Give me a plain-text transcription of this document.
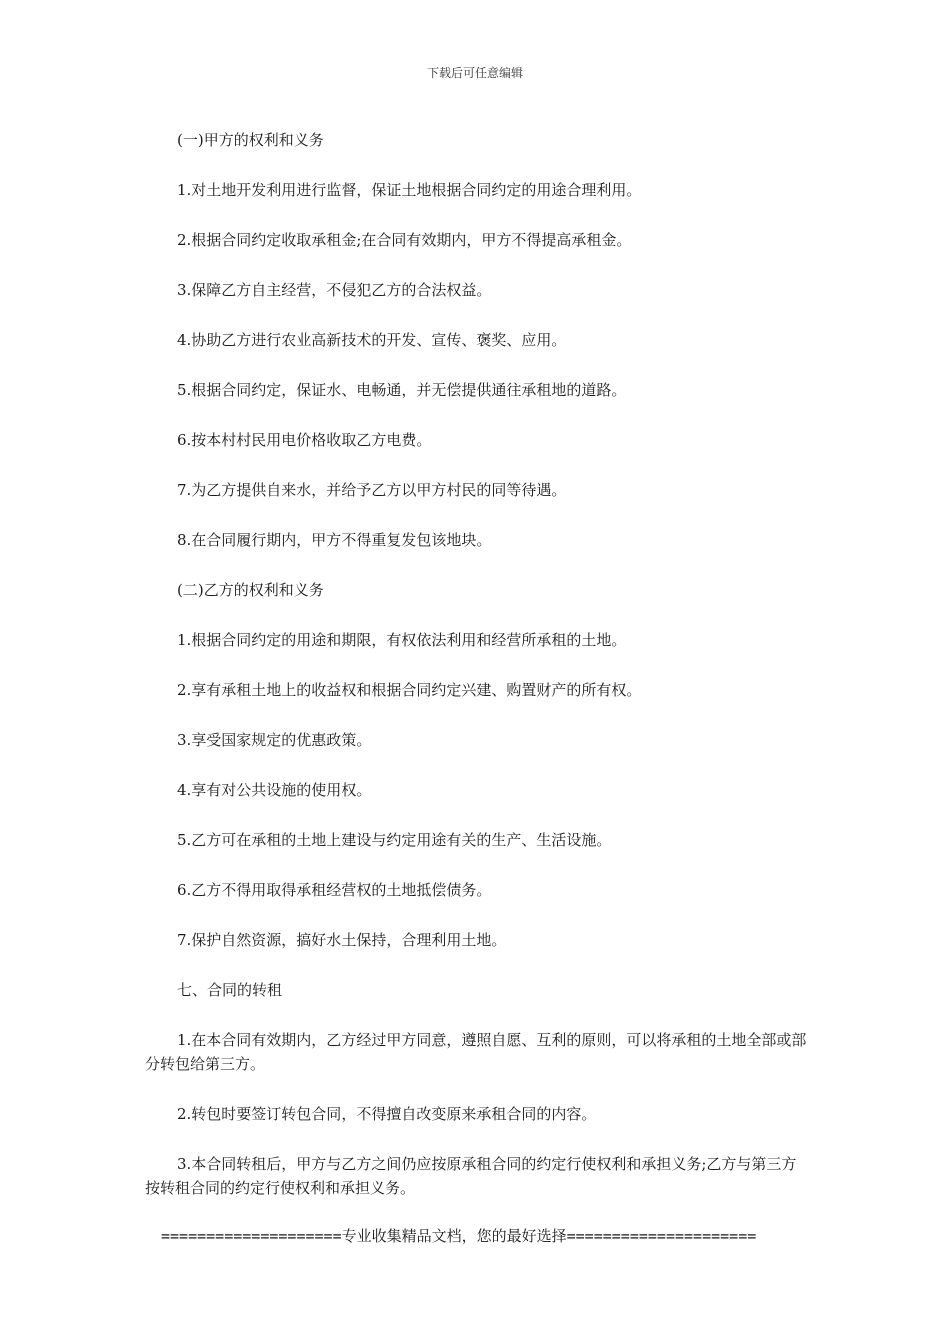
下载后可任意编辑

(一)甲方的权利和义务

1.对土地开发利用进行监督，保证土地根据合同约定的用途合理利用。

2.根据合同约定收取承租金;在合同有效期内，甲方不得提高承租金。

3.保障乙方自主经营，不侵犯乙方的合法权益。

4.协助乙方进行农业高新技术的开发、宣传、褒奖、应用。

5.根据合同约定，保证水、电畅通，并无偿提供通往承租地的道路。

6.按本村村民用电价格收取乙方电费。

7.为乙方提供自来水，并给予乙方以甲方村民的同等待遇。

8.在合同履行期内，甲方不得重复发包该地块。

(二)乙方的权利和义务

1.根据合同约定的用途和期限，有权依法利用和经营所承租的土地。

2.享有承租土地上的收益权和根据合同约定兴建、购置财产的所有权。

3.享受国家规定的优惠政策。

4.享有对公共设施的使用权。

5.乙方可在承租的土地上建设与约定用途有关的生产、生活设施。

6.乙方不得用取得承租经营权的土地抵偿债务。

7.保护自然资源，搞好水土保持，合理利用土地。

七、合同的转租

1.在本合同有效期内，乙方经过甲方同意，遵照自愿、互利的原则，可以将承租的土地全部或部分转包给第三方。

2.转包时要签订转包合同，不得擅自改变原来承租合同的内容。

3.本合同转租后，甲方与乙方之间仍应按原承租合同的约定行使权利和承担义务;乙方与第三方按转租合同的约定行使权利和承担义务。

====================专业收集精品文档，您的最好选择=====================
